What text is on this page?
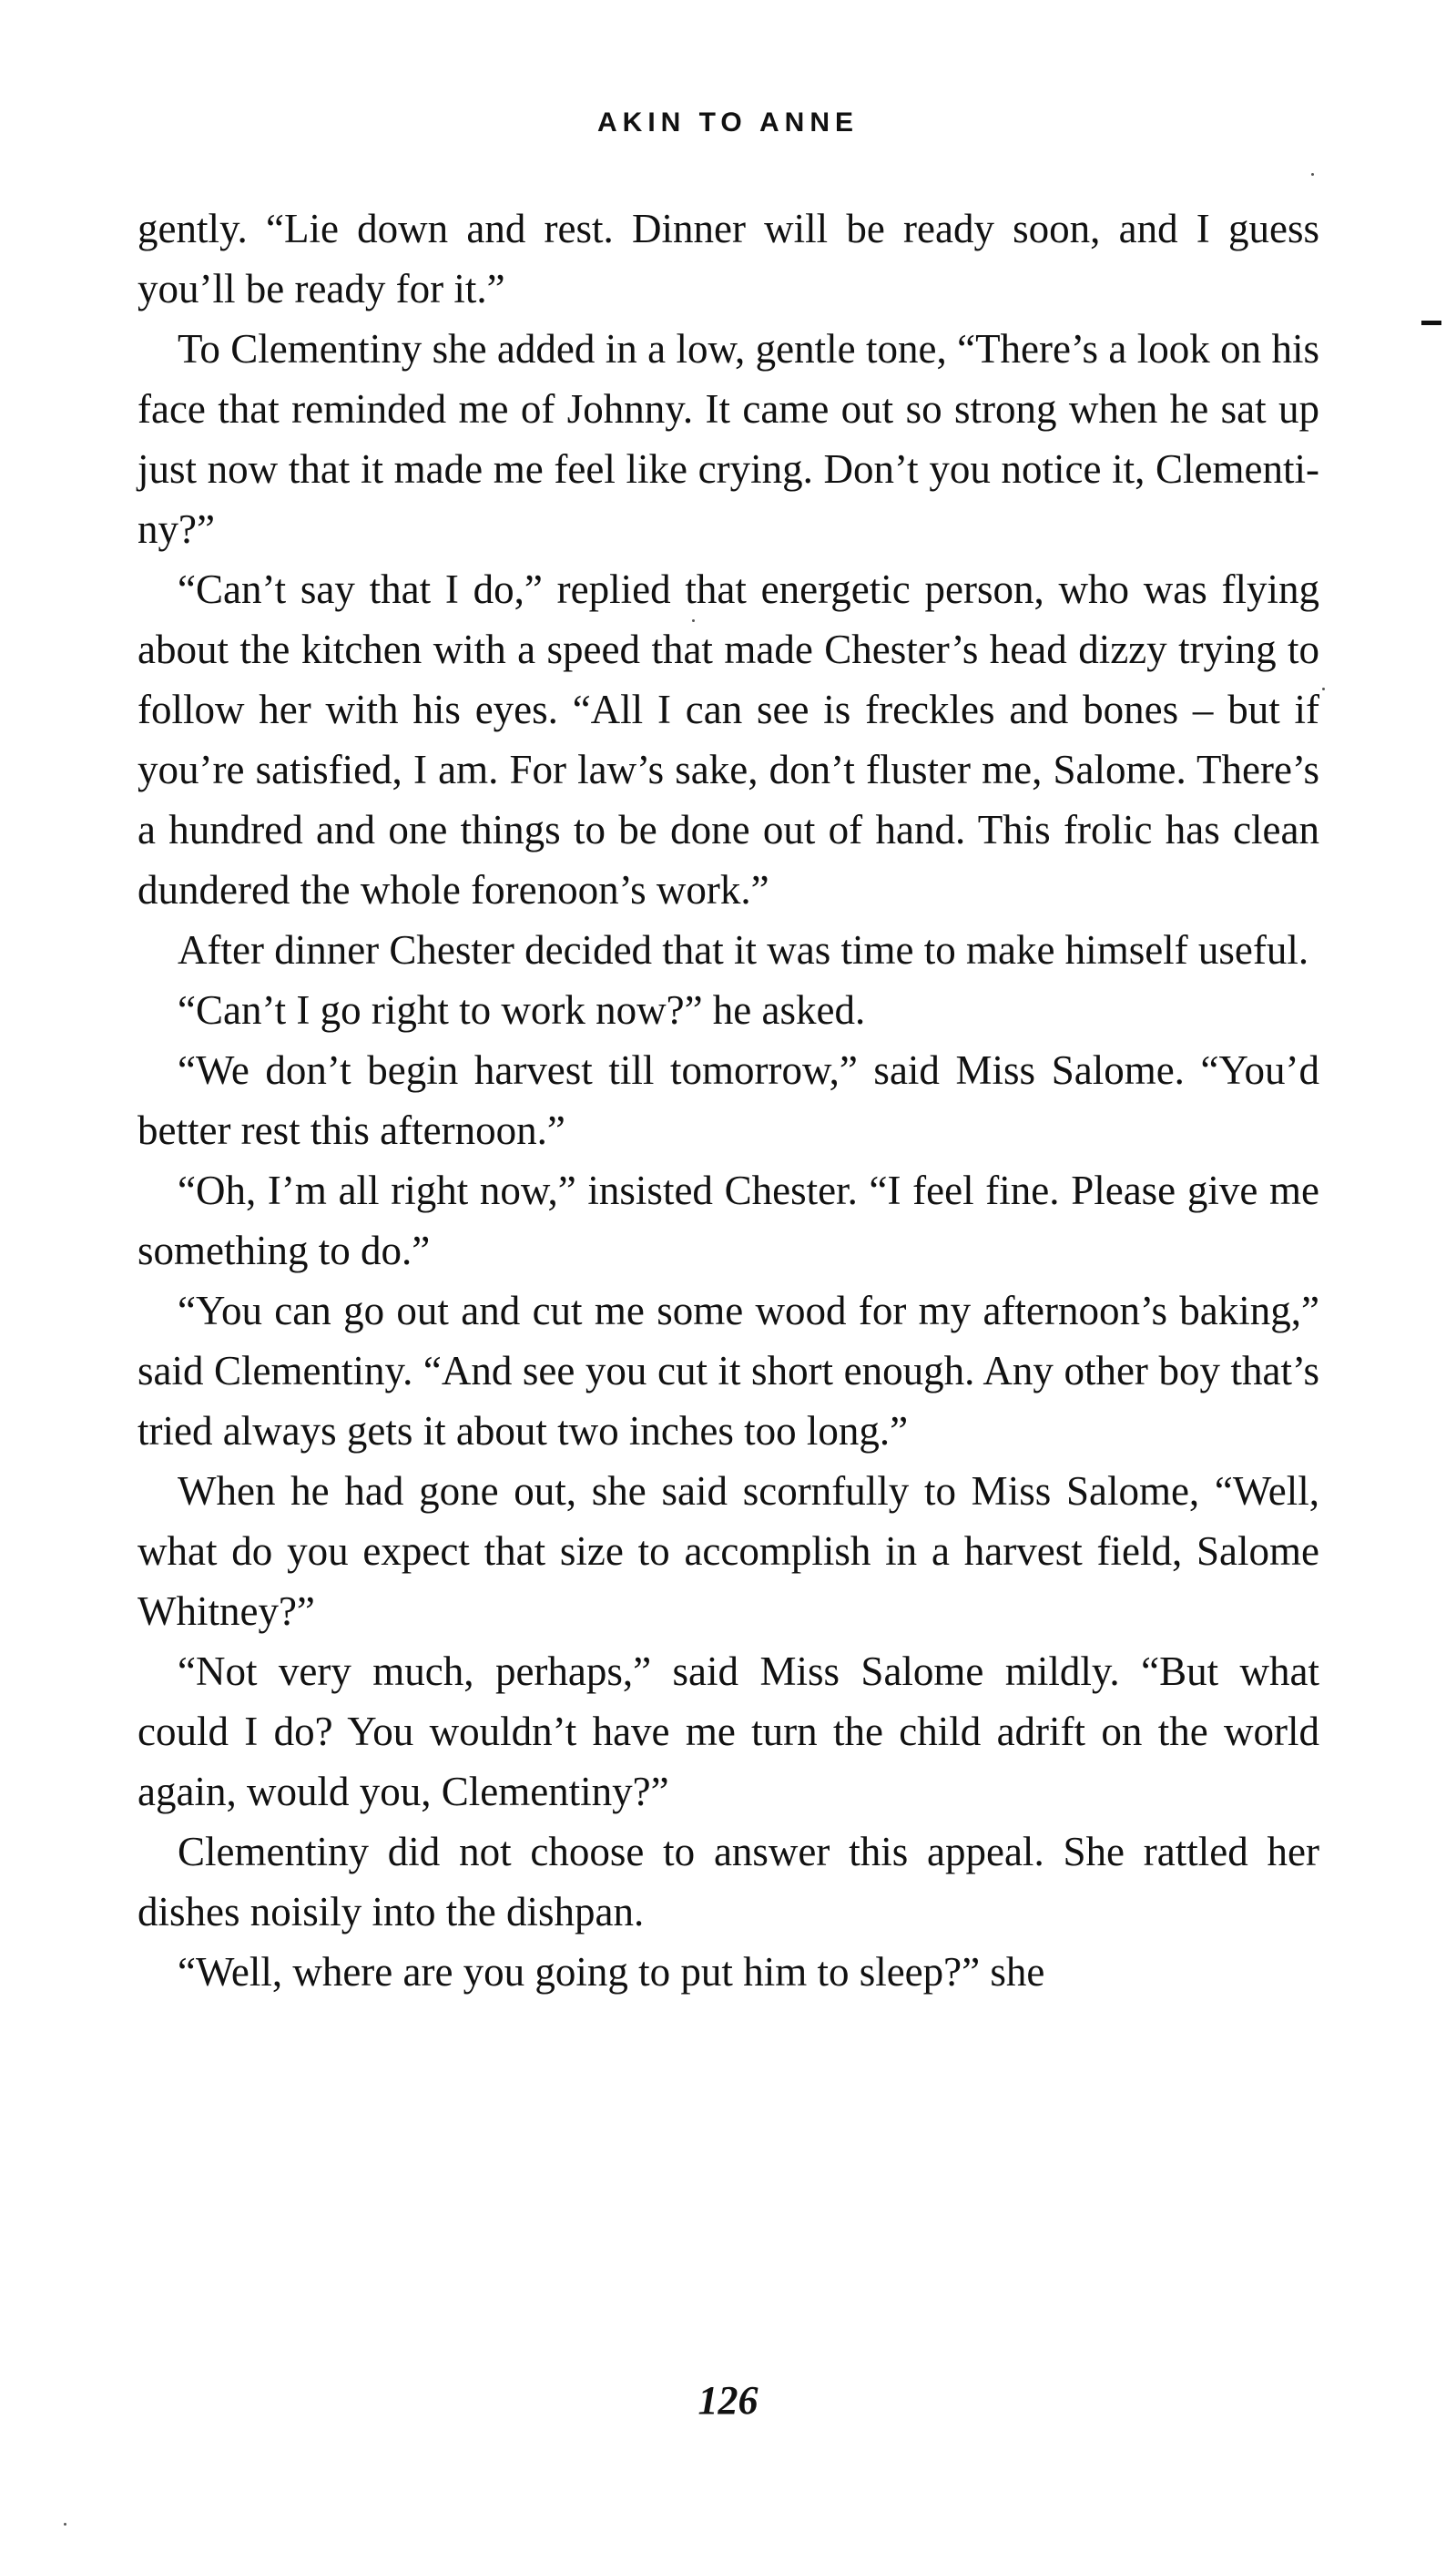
AKIN TO ANNE

gently. “Lie down and rest. Dinner will be ready soon, and I guess you’ll be ready for it.”

To Clementiny she added in a low, gentle tone, “There’s a look on his face that reminded me of Johnny. It came out so strong when he sat up just now that it made me feel like crying. Don’t you notice it, Clementiny?”

“Can’t say that I do,” replied that energetic person, who was flying about the kitchen with a speed that made Chester’s head dizzy trying to follow her with his eyes. “All I can see is freckles and bones – but if you’re satisfied, I am. For law’s sake, don’t fluster me, Salome. There’s a hundred and one things to be done out of hand. This frolic has clean dundered the whole forenoon’s work.”

After dinner Chester decided that it was time to make himself useful.

“Can’t I go right to work now?” he asked.

“We don’t begin harvest till tomorrow,” said Miss Salome. “You’d better rest this afternoon.”

“Oh, I’m all right now,” insisted Chester. “I feel fine. Please give me something to do.”

“You can go out and cut me some wood for my afternoon’s baking,” said Clementiny. “And see you cut it short enough. Any other boy that’s tried always gets it about two inches too long.”

When he had gone out, she said scornfully to Miss Salome, “Well, what do you expect that size to accomplish in a harvest field, Salome Whitney?”

“Not very much, perhaps,” said Miss Salome mildly. “But what could I do? You wouldn’t have me turn the child adrift on the world again, would you, Clementiny?”

Clementiny did not choose to answer this appeal. She rattled her dishes noisily into the dishpan.

“Well, where are you going to put him to sleep?” she

126
